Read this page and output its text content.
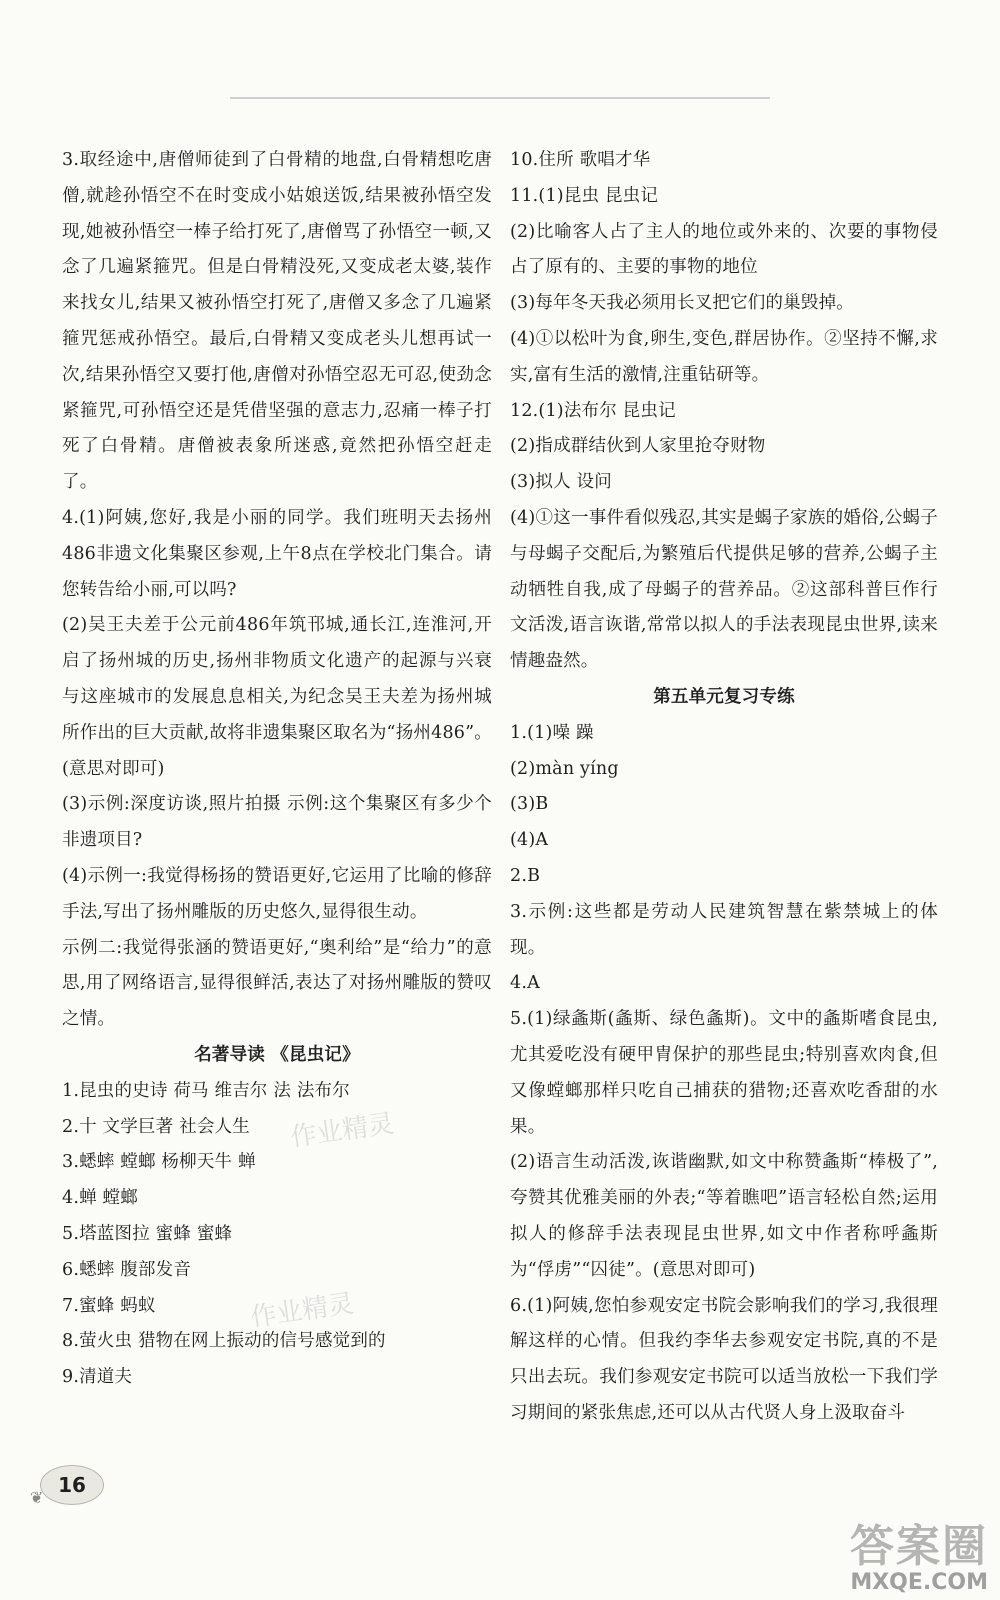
3.取经途中,唐僧师徒到了白骨精的地盘,白骨精想吃唐僧,就趁孙悟空不在时变成小姑娘送饭,结果被孙悟空发现,她被孙悟空一棒子给打死了,唐僧骂了孙悟空一顿,又念了几遍紧箍咒。但是白骨精没死,又变成老太婆,装作来找女儿,结果又被孙悟空打死了,唐僧又多念了几遍紧箍咒惩戒孙悟空。最后,白骨精又变成老头儿想再试一次,结果孙悟空又要打他,唐僧对孙悟空忍无可忍,使劲念紧箍咒,可孙悟空还是凭借坚强的意志力,忍痛一棒子打死了白骨精。唐僧被表象所迷惑,竟然把孙悟空赶走了。

4.(1)阿姨,您好,我是小丽的同学。我们班明天去扬州486非遗文化集聚区参观,上午8点在学校北门集合。请您转告给小丽,可以吗?

(2)吴王夫差于公元前486年筑邗城,通长江,连淮河,开启了扬州城的历史,扬州非物质文化遗产的起源与兴衰与这座城市的发展息息相关,为纪念吴王夫差为扬州城所作出的巨大贡献,故将非遗集聚区取名为“扬州486”。(意思对即可)

(3)示例:深度访谈,照片拍摄 示例:这个集聚区有多少个非遗项目?

(4)示例一:我觉得杨扬的赞语更好,它运用了比喻的修辞手法,写出了扬州雕版的历史悠久,显得很生动。

示例二:我觉得张涵的赞语更好,“奥利给”是“给力”的意思,用了网络语言,显得很鲜活,表达了对扬州雕版的赞叹之情。

名著导读 《昆虫记》

1.昆虫的史诗 荷马 维吉尔 法 法布尔

2.十 文学巨著 社会人生

3.蟋蟀 螳螂 杨柳天牛 蝉

4.蝉 螳螂

5.塔蓝图拉 蜜蜂 蜜蜂

6.蟋蟀 腹部发音

7.蜜蜂 蚂蚁

8.萤火虫 猎物在网上振动的信号感觉到的

9.清道夫

10.住所 歌唱才华

11.(1)昆虫 昆虫记

(2)比喻客人占了主人的地位或外来的、次要的事物侵占了原有的、主要的事物的地位

(3)每年冬天我必须用长叉把它们的巢毁掉。

(4)①以松叶为食,卵生,变色,群居协作。②坚持不懈,求实,富有生活的激情,注重钻研等。

12.(1)法布尔 昆虫记

(2)指成群结伙到人家里抢夺财物

(3)拟人 设问

(4)①这一事件看似残忍,其实是蝎子家族的婚俗,公蝎子与母蝎子交配后,为繁殖后代提供足够的营养,公蝎子主动牺牲自我,成了母蝎子的营养品。②这部科普巨作行文活泼,语言诙谐,常常以拟人的手法表现昆虫世界,读来情趣盎然。

第五单元复习专练

1.(1)噪 躁

(2)màn yíng

(3)B

(4)A

2.B

3.示例:这些都是劳动人民建筑智慧在紫禁城上的体现。

4.A

5.(1)绿螽斯(螽斯、绿色螽斯)。文中的螽斯嗜食昆虫,尤其爱吃没有硬甲胄保护的那些昆虫;特别喜欢肉食,但又像螳螂那样只吃自己捕获的猎物;还喜欢吃香甜的水果。

(2)语言生动活泼,诙谐幽默,如文中称赞螽斯“棒极了”,夸赞其优雅美丽的外表;“等着瞧吧”语言轻松自然;运用拟人的修辞手法表现昆虫世界,如文中作者称呼螽斯为“俘虏”“囚徒”。(意思对即可)

6.(1)阿姨,您怕参观安定书院会影响我们的学习,我很理解这样的心情。但我约李华去参观安定书院,真的不是只出去玩。我们参观安定书院可以适当放松一下我们学习期间的紧张焦虑,还可以从古代贤人身上汲取奋斗

作业精灵
作业精灵
❦
16
答案圈
MXQE.COM
